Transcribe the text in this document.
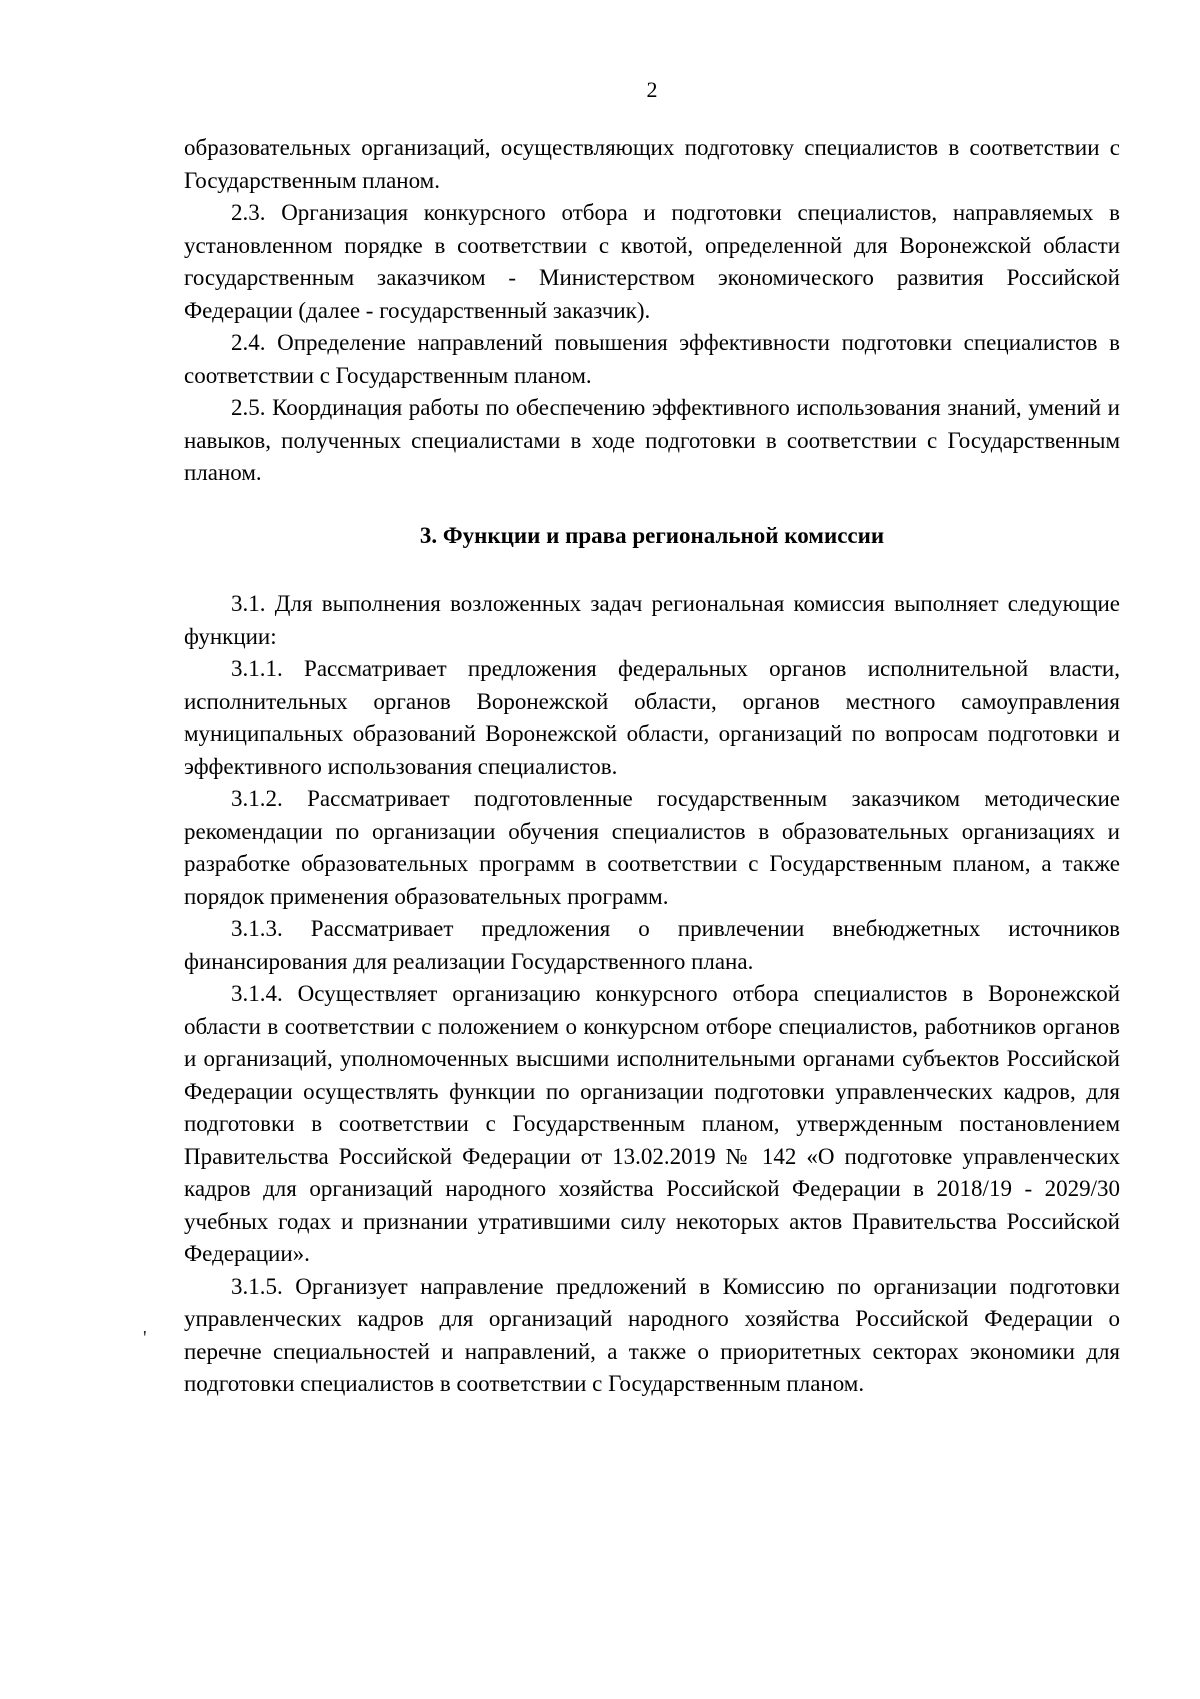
2

образовательных организаций, осуществляющих подготовку специалистов в соответствии с Государственным планом.

2.3. Организация конкурсного отбора и подготовки специалистов, направляемых в установленном порядке в соответствии с квотой, определенной для Воронежской области государственным заказчиком - Министерством экономического развития Российской Федерации (далее - государственный заказчик).

2.4. Определение направлений повышения эффективности подготовки специалистов в соответствии с Государственным планом.

2.5. Координация работы по обеспечению эффективного использования знаний, умений и навыков, полученных специалистами в ходе подготовки в соответствии с Государственным планом.

3. Функции и права региональной комиссии

3.1. Для выполнения возложенных задач региональная комиссия выполняет следующие функции:

3.1.1. Рассматривает предложения федеральных органов исполнительной власти, исполнительных органов Воронежской области, органов местного самоуправления муниципальных образований Воронежской области, организаций по вопросам подготовки и эффективного использования специалистов.

3.1.2. Рассматривает подготовленные государственным заказчиком методические рекомендации по организации обучения специалистов в образовательных организациях и разработке образовательных программ в соответствии с Государственным планом, а также порядок применения образовательных программ.

3.1.3. Рассматривает предложения о привлечении внебюджетных источников финансирования для реализации Государственного плана.

3.1.4. Осуществляет организацию конкурсного отбора специалистов в Воронежской области в соответствии с положением о конкурсном отборе специалистов, работников органов и организаций, уполномоченных высшими исполнительными органами субъектов Российской Федерации осуществлять функции по организации подготовки управленческих кадров, для подготовки в соответствии с Государственным планом, утвержденным постановлением Правительства Российской Федерации от 13.02.2019 № 142 «О подготовке управленческих кадров для организаций народного хозяйства Российской Федерации в 2018/19 - 2029/30 учебных годах и признании утратившими силу некоторых актов Правительства Российской Федерации».

3.1.5. Организует направление предложений в Комиссию по организации подготовки управленческих кадров для организаций народного хозяйства Российской Федерации о перечне специальностей и направлений, а также о приоритетных секторах экономики для подготовки специалистов в соответствии с Государственным планом.

'
